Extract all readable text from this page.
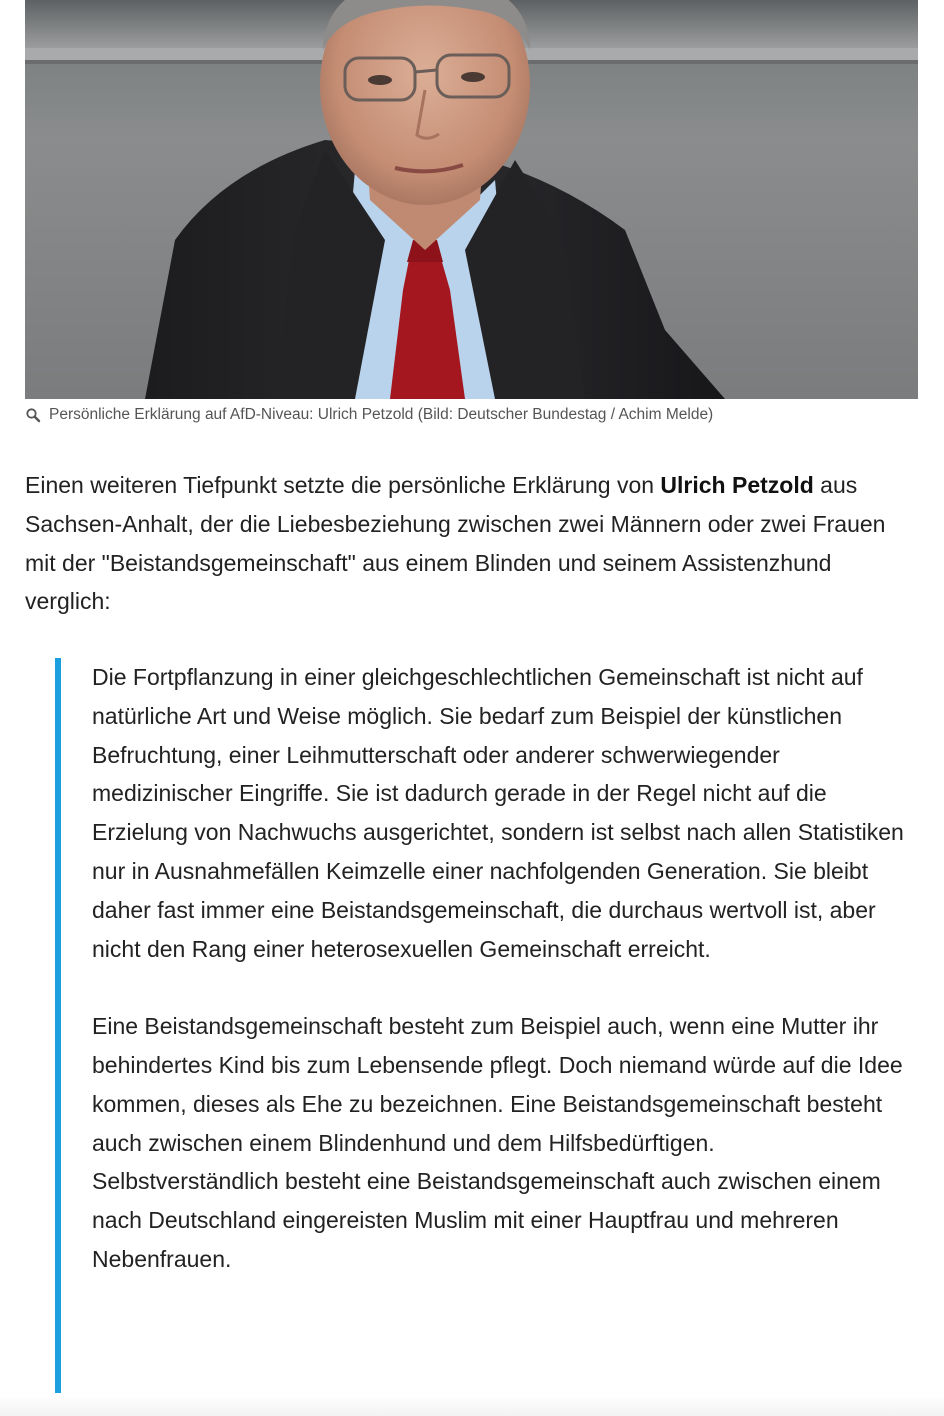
Persönliche Erklärung auf AfD-Niveau: Ulrich Petzold (Bild: Deutscher Bundestag / Achim Melde)

Einen weiteren Tiefpunkt setzte die persönliche Erklärung von Ulrich Petzold aus Sachsen-Anhalt, der die Liebesbeziehung zwischen zwei Männern oder zwei Frauen mit der "Beistandsgemeinschaft" aus einem Blinden und seinem Assistenzhund verglich:

Die Fortpflanzung in einer gleichgeschlechtlichen Gemeinschaft ist nicht auf natürliche Art und Weise möglich. Sie bedarf zum Beispiel der künstlichen Befruchtung, einer Leihmutterschaft oder anderer schwerwiegender medizinischer Eingriffe. Sie ist dadurch gerade in der Regel nicht auf die Erzielung von Nachwuchs ausgerichtet, sondern ist selbst nach allen Statistiken nur in Ausnahmefällen Keimzelle einer nachfolgenden Generation. Sie bleibt daher fast immer eine Beistandsgemeinschaft, die durchaus wertvoll ist, aber nicht den Rang einer heterosexuellen Gemeinschaft erreicht.

Eine Beistandsgemeinschaft besteht zum Beispiel auch, wenn eine Mutter ihr behindertes Kind bis zum Lebensende pflegt. Doch niemand würde auf die Idee kommen, dieses als Ehe zu bezeichnen. Eine Beistandsgemeinschaft besteht auch zwischen einem Blindenhund und dem Hilfsbedürftigen. Selbstverständlich besteht eine Beistandsgemeinschaft auch zwischen einem nach Deutschland eingereisten Muslim mit einer Hauptfrau und mehreren Nebenfrauen.
